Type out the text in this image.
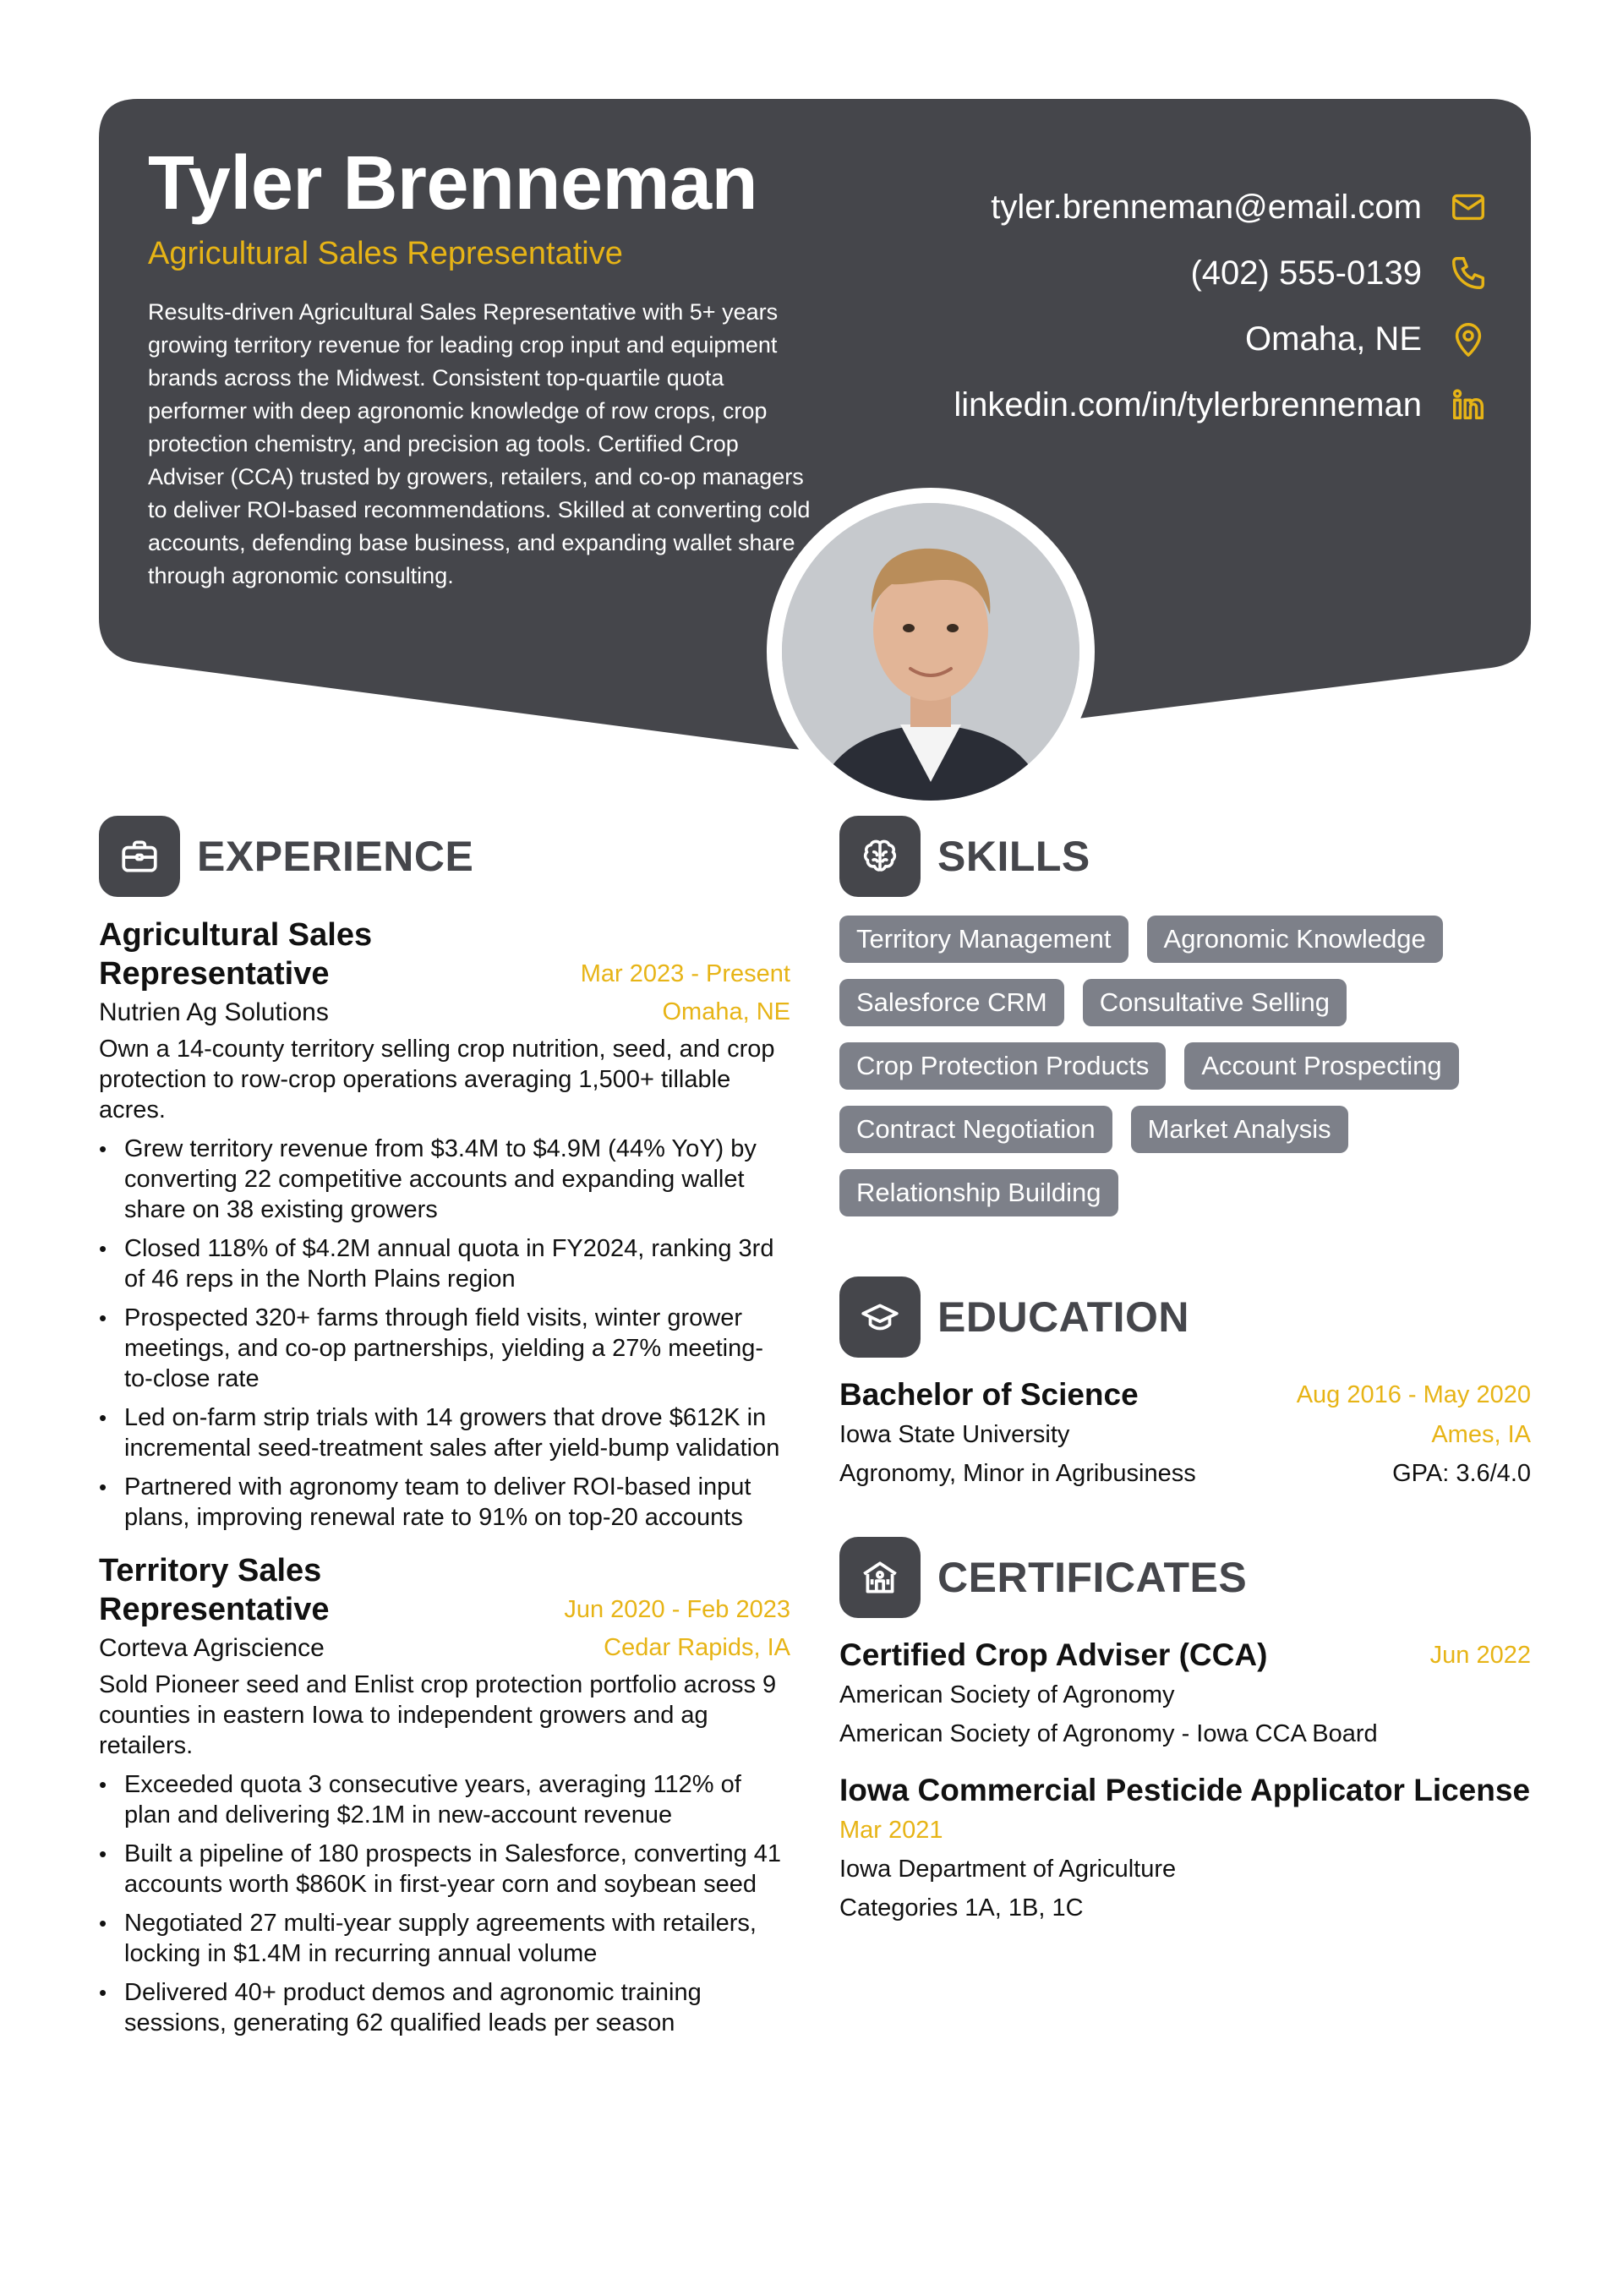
Tyler Brenneman
Agricultural Sales Representative
Results-driven Agricultural Sales Representative with 5+ years growing territory revenue for leading crop input and equipment brands across the Midwest. Consistent top-quartile quota performer with deep agronomic knowledge of row crops, crop protection chemistry, and precision ag tools. Certified Crop Adviser (CCA) trusted by growers, retailers, and co-op managers to deliver ROI-based recommendations. Skilled at converting cold accounts, defending base business, and expanding wallet share through agronomic consulting.
tyler.brenneman@email.com
(402) 555-0139
Omaha, NE
linkedin.com/in/tylerbrenneman
EXPERIENCE
Agricultural Sales Representative	Mar 2023 - Present
Nutrien Ag Solutions	Omaha, NE
Own a 14-county territory selling crop nutrition, seed, and crop protection to row-crop operations averaging 1,500+ tillable acres.
• Grew territory revenue from $3.4M to $4.9M (44% YoY) by converting 22 competitive accounts and expanding wallet share on 38 existing growers
• Closed 118% of $4.2M annual quota in FY2024, ranking 3rd of 46 reps in the North Plains region
• Prospected 320+ farms through field visits, winter grower meetings, and co-op partnerships, yielding a 27% meeting-to-close rate
• Led on-farm strip trials with 14 growers that drove $612K in incremental seed-treatment sales after yield-bump validation
• Partnered with agronomy team to deliver ROI-based input plans, improving renewal rate to 91% on top-20 accounts
Territory Sales Representative	Jun 2020 - Feb 2023
Corteva Agriscience	Cedar Rapids, IA
Sold Pioneer seed and Enlist crop protection portfolio across 9 counties in eastern Iowa to independent growers and ag retailers.
• Exceeded quota 3 consecutive years, averaging 112% of plan and delivering $2.1M in new-account revenue
• Built a pipeline of 180 prospects in Salesforce, converting 41 accounts worth $860K in first-year corn and soybean seed
• Negotiated 27 multi-year supply agreements with retailers, locking in $1.4M in recurring annual volume
• Delivered 40+ product demos and agronomic training sessions, generating 62 qualified leads per season
SKILLS
Territory Management	Agronomic Knowledge
Salesforce CRM	Consultative Selling
Crop Protection Products	Account Prospecting
Contract Negotiation	Market Analysis
Relationship Building
EDUCATION
Bachelor of Science	Aug 2016 - May 2020
Iowa State University	Ames, IA
Agronomy, Minor in Agribusiness	GPA: 3.6/4.0
CERTIFICATES
Certified Crop Adviser (CCA)	Jun 2022
American Society of Agronomy
American Society of Agronomy - Iowa CCA Board
Iowa Commercial Pesticide Applicator License
Mar 2021
Iowa Department of Agriculture
Categories 1A, 1B, 1C
